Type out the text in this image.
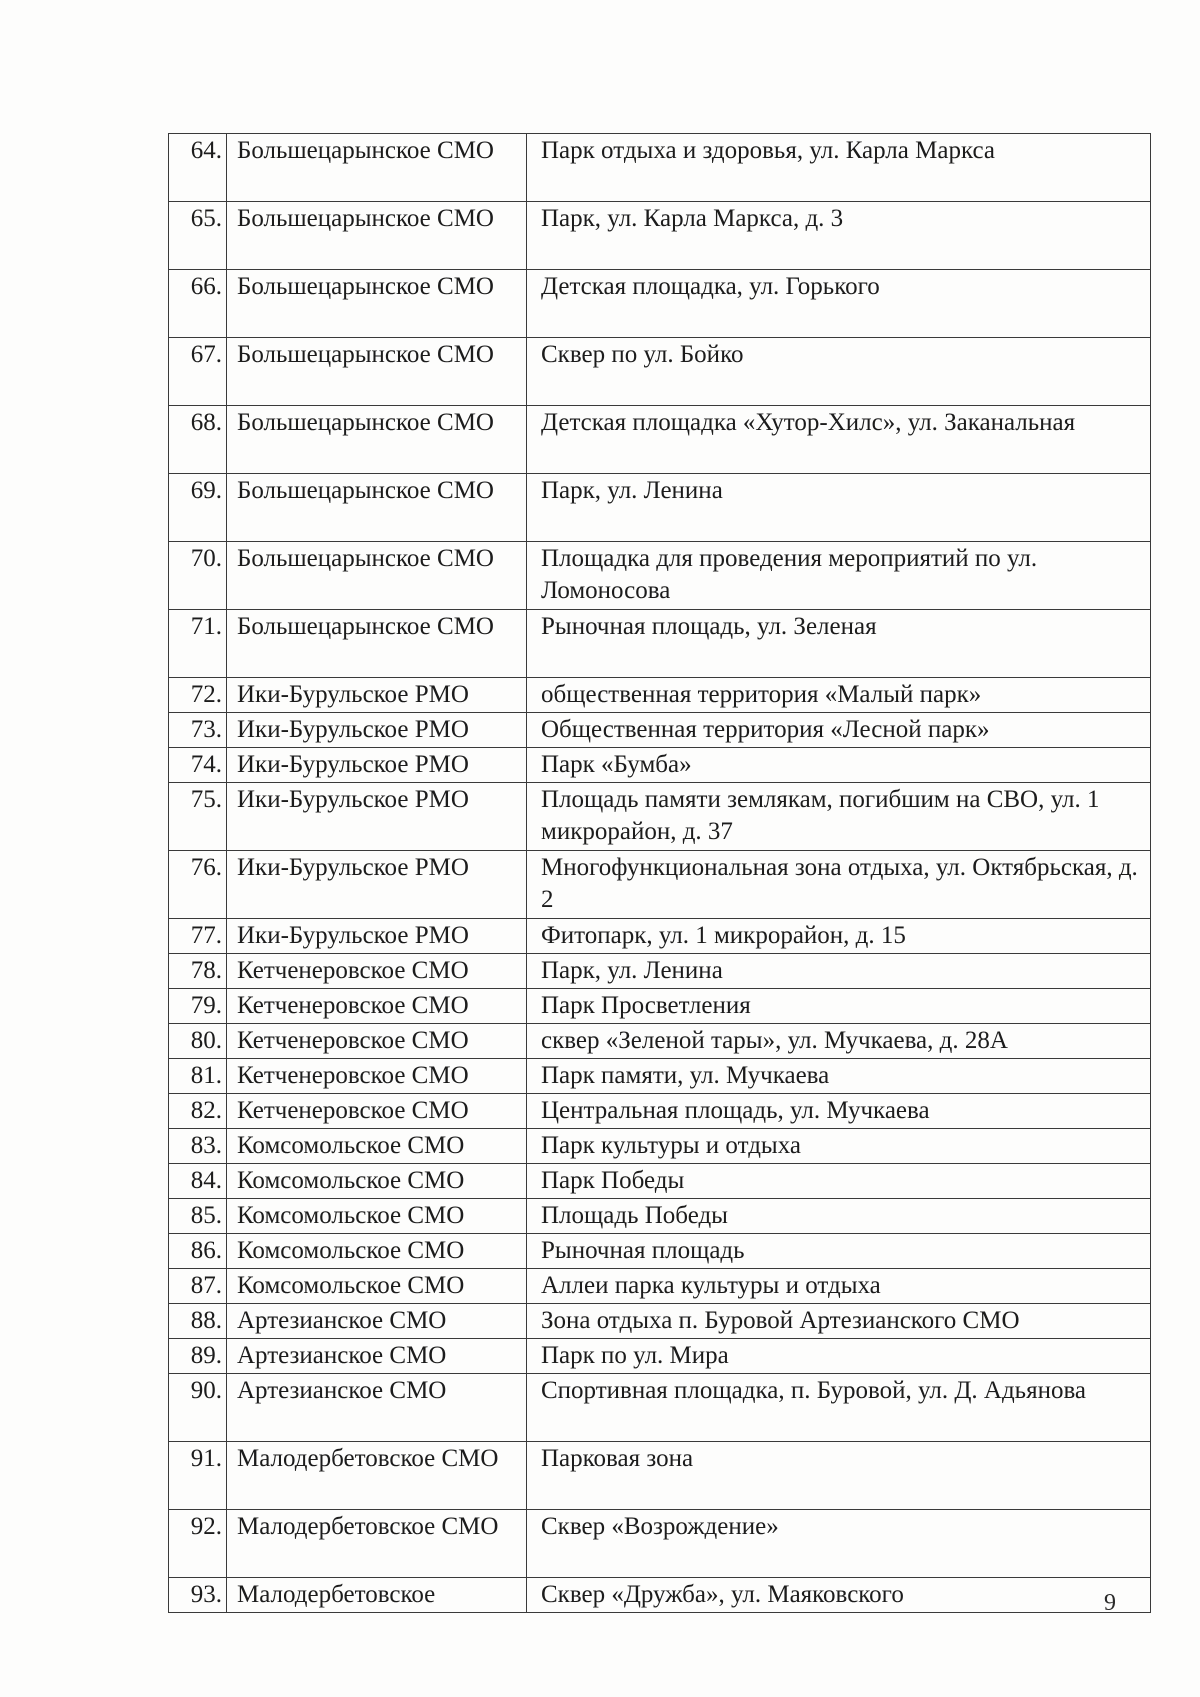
64.	Большецарынское СМО	Парк отдыха и здоровья, ул. Карла Маркса
65.	Большецарынское СМО	Парк, ул. Карла Маркса, д. 3
66.	Большецарынское СМО	Детская площадка, ул. Горького
67.	Большецарынское СМО	Сквер по ул. Бойко
68.	Большецарынское СМО	Детская площадка «Хутор-Хилс», ул. Заканальная
69.	Большецарынское СМО	Парк, ул. Ленина
70.	Большецарынское СМО	Площадка для проведения мероприятий по ул. Ломоносова
71.	Большецарынское СМО	Рыночная площадь, ул. Зеленая
72.	Ики-Бурульское РМО	общественная территория «Малый парк»
73.	Ики-Бурульское РМО	Общественная территория «Лесной парк»
74.	Ики-Бурульское РМО	Парк «Бумба»
75.	Ики-Бурульское РМО	Площадь памяти землякам, погибшим на СВО, ул. 1 микрорайон, д. 37
76.	Ики-Бурульское РМО	Многофункциональная зона отдыха, ул. Октябрьская, д. 2
77.	Ики-Бурульское РМО	Фитопарк, ул. 1 микрорайон, д. 15
78.	Кетченеровское СМО	Парк, ул. Ленина
79.	Кетченеровское СМО	Парк Просветления
80.	Кетченеровское СМО	сквер «Зеленой тары», ул. Мучкаева, д. 28А
81.	Кетченеровское СМО	Парк памяти, ул. Мучкаева
82.	Кетченеровское СМО	Центральная площадь, ул. Мучкаева
83.	Комсомольское СМО	Парк культуры и отдыха
84.	Комсомольское СМО	Парк Победы
85.	Комсомольское СМО	Площадь Победы
86.	Комсомольское СМО	Рыночная площадь
87.	Комсомольское СМО	Аллеи парка культуры и отдыха
88.	Артезианское СМО	Зона отдыха п. Буровой Артезианского СМО
89.	Артезианское СМО	Парк по ул. Мира
90.	Артезианское СМО	Спортивная площадка, п. Буровой, ул. Д. Адьянова
91.	Малодербетовское СМО	Парковая зона
92.	Малодербетовское СМО	Сквер «Возрождение»
93.	Малодербетовское	Сквер «Дружба», ул. Маяковского	9
